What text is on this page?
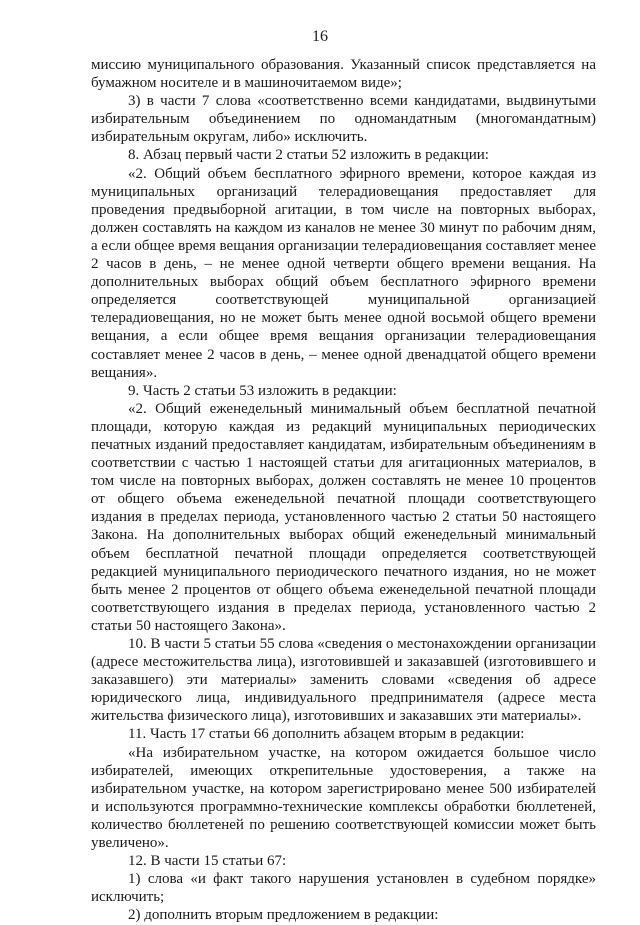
16

миссию муниципального образования. Указанный список представляется на бумажном носителе и в машиночитаемом виде»;

3) в части 7 слова «соответственно всеми кандидатами, выдвинутыми избирательным объединением по одномандатным (многомандатным) избирательным округам, либо» исключить.

8. Абзац первый части 2 статьи 52 изложить в редакции:

«2. Общий объем бесплатного эфирного времени, которое каждая из муниципальных организаций телерадиовещания предоставляет для проведения предвыборной агитации, в том числе на повторных выборах, должен составлять на каждом из каналов не менее 30 минут по рабочим дням, а если общее время вещания организации телерадиовещания составляет менее 2 часов в день, – не менее одной четверти общего времени вещания. На дополнительных выборах общий объем бесплатного эфирного времени определяется соответствующей муниципальной организацией телерадиовещания, но не может быть менее одной восьмой общего времени вещания, а если общее время вещания организации телерадиовещания составляет менее 2 часов в день, – менее одной двенадцатой общего времени вещания».

9. Часть 2 статьи 53 изложить в редакции:

«2. Общий еженедельный минимальный объем бесплатной печатной площади, которую каждая из редакций муниципальных периодических печатных изданий предоставляет кандидатам, избирательным объединениям в соответствии с частью 1 настоящей статьи для агитационных материалов, в том числе на повторных выборах, должен составлять не менее 10 процентов от общего объема еженедельной печатной площади соответствующего издания в пределах периода, установленного частью 2 статьи 50 настоящего Закона. На дополнительных выборах общий еженедельный минимальный объем бесплатной печатной площади определяется соответствующей редакцией муниципального периодического печатного издания, но не может быть менее 2 процентов от общего объема еженедельной печатной площади соответствующего издания в пределах периода, установленного частью 2 статьи 50 настоящего Закона».

10. В части 5 статьи 55 слова «сведения о местонахождении организации (адресе местожительства лица), изготовившей и заказавшей (изготовившего и заказавшего) эти материалы» заменить словами «сведения об адресе юридического лица, индивидуального предпринимателя (адресе места жительства физического лица), изготовивших и заказавших эти материалы».

11. Часть 17 статьи 66 дополнить абзацем вторым в редакции:

«На избирательном участке, на котором ожидается большое число избирателей, имеющих открепительные удостоверения, а также на избирательном участке, на котором зарегистрировано менее 500 избирателей и используются программно-технические комплексы обработки бюллетеней, количество бюллетеней по решению соответствующей комиссии может быть увеличено».

12. В части 15 статьи 67:

1) слова «и факт такого нарушения установлен в судебном порядке» исключить;

2) дополнить вторым предложением в редакции:
